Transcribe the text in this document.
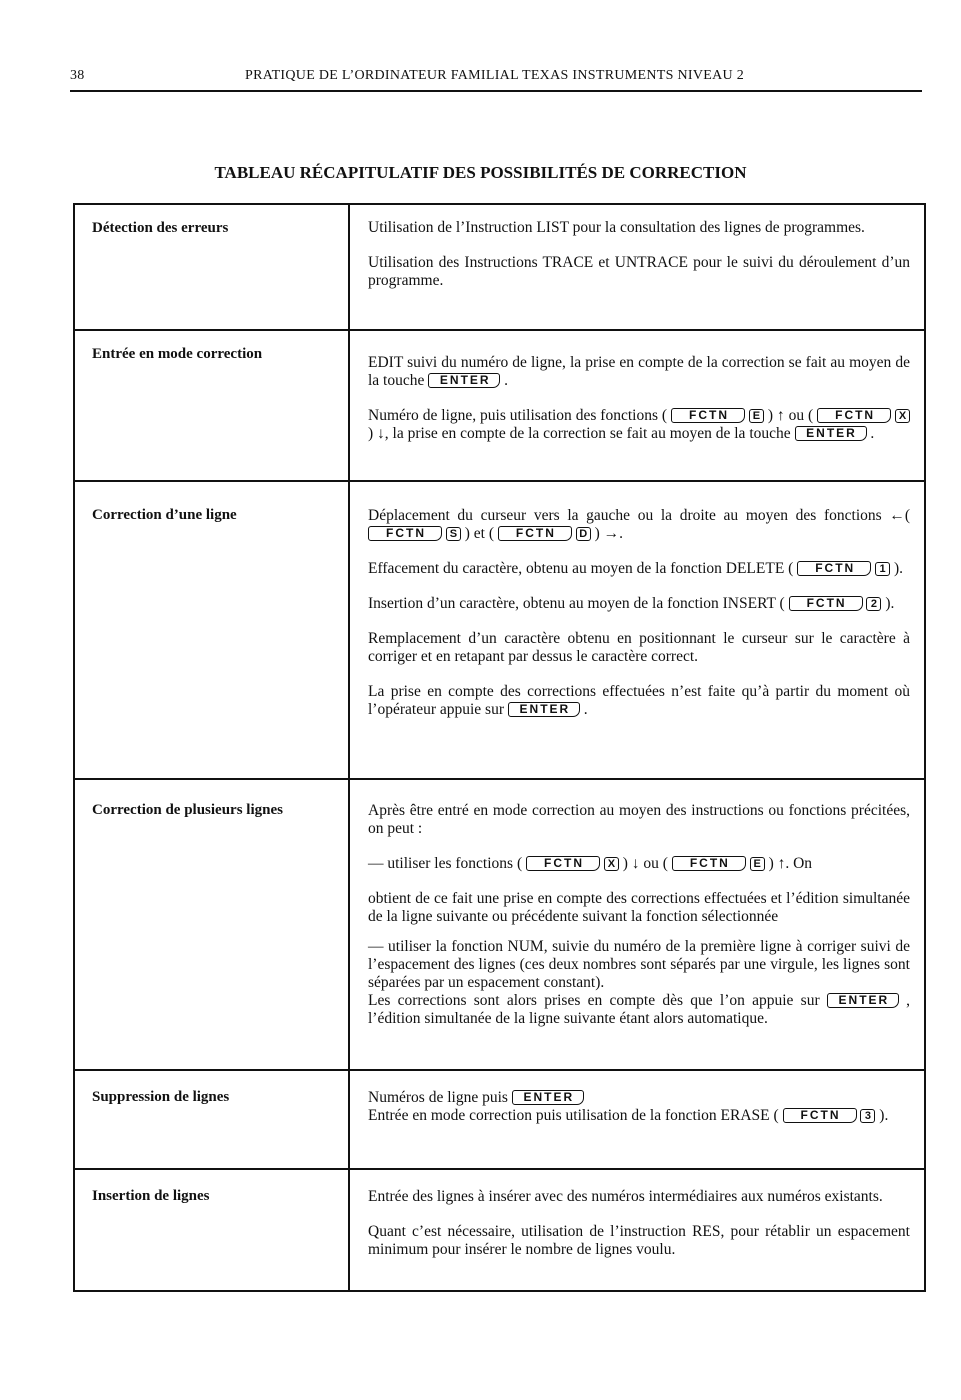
38	PRATIQUE DE L’ORDINATEUR FAMILIAL TEXAS INSTRUMENTS NIVEAU 2
TABLEAU RÉCAPITULATIF DES POSSIBILITÉS DE CORRECTION
Détection des erreurs	Utilisation de l’Instruction LIST pour la consultation des lignes de programmes.

Utilisation des Instructions TRACE et UNTRACE pour le suivi du déroulement d’un programme.

Entrée en mode correction	EDIT suivi du numéro de ligne, la prise en compte de la correction se fait au moyen de la touche ENTER .

Numéro de ligne, puis utilisation des fonctions ( FCTN E ) ↑ ou ( FCTN X ) ↓, la prise en compte de la correction se fait au moyen de la touche ENTER .

Correction d’une ligne	Déplacement du curseur vers la gauche ou la droite au moyen des fonctions ←( FCTN S ) et ( FCTN D ) →.

Effacement du caractère, obtenu au moyen de la fonction DELETE ( FCTN 1 ).

Insertion d’un caractère, obtenu au moyen de la fonction INSERT ( FCTN 2 ).

Remplacement d’un caractère obtenu en positionnant le curseur sur le caractère à corriger et en retapant par dessus le caractère correct.

La prise en compte des corrections effectuées n’est faite qu’à partir du moment où l’opérateur appuie sur ENTER .

Correction de plusieurs lignes	Après être entré en mode correction au moyen des instructions ou fonctions précitées, on peut :

— utiliser les fonctions ( FCTN X ) ↓ ou ( FCTN E ) ↑. On

obtient de ce fait une prise en compte des corrections effectuées et l’édition simultanée de la ligne suivante ou précédente suivant la fonction sélectionnée

— utiliser la fonction NUM, suivie du numéro de la première ligne à corriger suivi de l’espacement des lignes (ces deux nombres sont séparés par une virgule, les lignes sont séparées par un espacement constant).

Les corrections sont alors prises en compte dès que l’on appuie sur ENTER , l’édition simultanée de la ligne suivante étant alors automatique.

Suppression de lignes	Numéros de ligne puis ENTER

Entrée en mode correction puis utilisation de la fonction ERASE ( FCTN 3 ).

Insertion de lignes	Entrée des lignes à insérer avec des numéros intermédiaires aux numéros existants.

Quant c’est nécessaire, utilisation de l’instruction RES, pour rétablir un espacement minimum pour insérer le nombre de lignes voulu.
